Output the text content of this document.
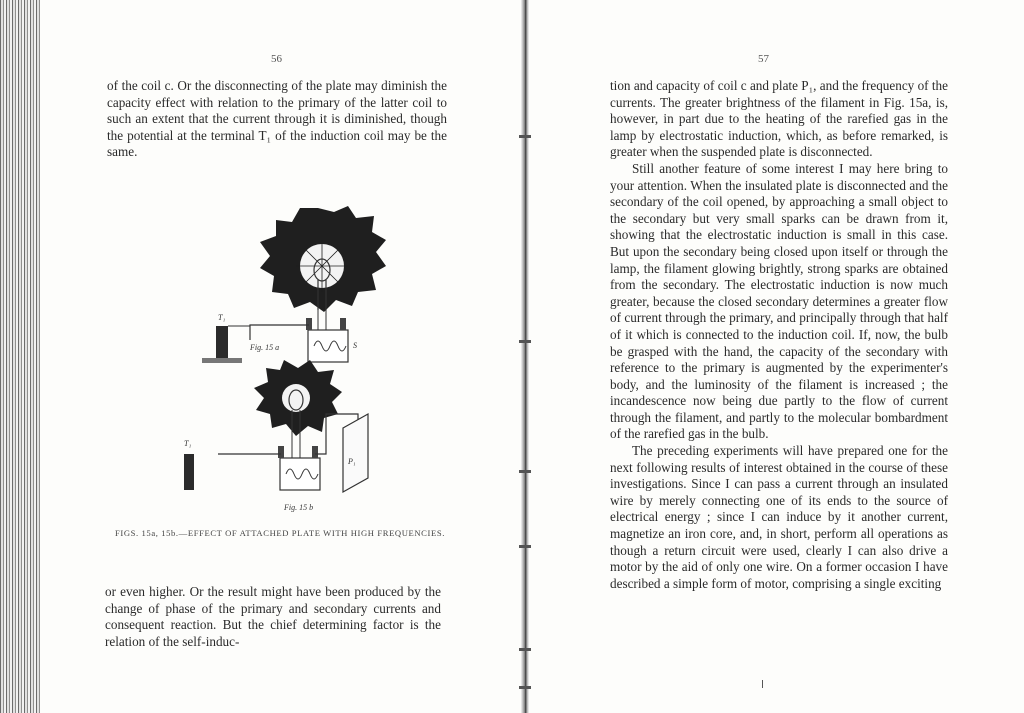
56

of the coil c. Or the disconnecting of the plate may diminish the capacity effect with relation to the primary of the latter coil to such an extent that the current through it is diminished, though the potential at the terminal T₁ of the induction coil may be the same.

T₁
Fig. 15 a	S
T₁
P₁
Fig. 15 b
FIGS. 15a, 15b.—EFFECT OF ATTACHED PLATE WITH HIGH FREQUENCIES.

or even higher. Or the result might have been produced by the change of phase of the primary and secondary currents and consequent reaction. But the chief determining factor is the relation of the self-induc-

57

tion and capacity of coil c and plate P₁, and the frequency of the currents. The greater brightness of the filament in Fig. 15a, is, however, in part due to the heating of the rarefied gas in the lamp by electrostatic induction, which, as before remarked, is greater when the suspended plate is disconnected.

Still another feature of some interest I may here bring to your attention. When the insulated plate is disconnected and the secondary of the coil opened, by approaching a small object to the secondary but very small sparks can be drawn from it, showing that the electrostatic induction is small in this case. But upon the secondary being closed upon itself or through the lamp, the filament glowing brightly, strong sparks are obtained from the secondary. The electrostatic induction is now much greater, because the closed secondary determines a greater flow of current through the primary, and principally through that half of it which is connected to the induction coil. If, now, the bulb be grasped with the hand, the capacity of the secondary with reference to the primary is augmented by the experimenter's body, and the luminosity of the filament is increased ; the incandescence now being due partly to the flow of current through the filament, and partly to the molecular bombardment of the rarefied gas in the bulb.

The preceding experiments will have prepared one for the next following results of interest obtained in the course of these investigations. Since I can pass a current through an insulated wire by merely connecting one of its ends to the source of electrical energy ; since I can induce by it another current, magnetize an iron core, and, in short, perform all operations as though a return circuit were used, clearly I can also drive a motor by the aid of only one wire. On a former occasion I have described a simple form of motor, comprising a single exciting
